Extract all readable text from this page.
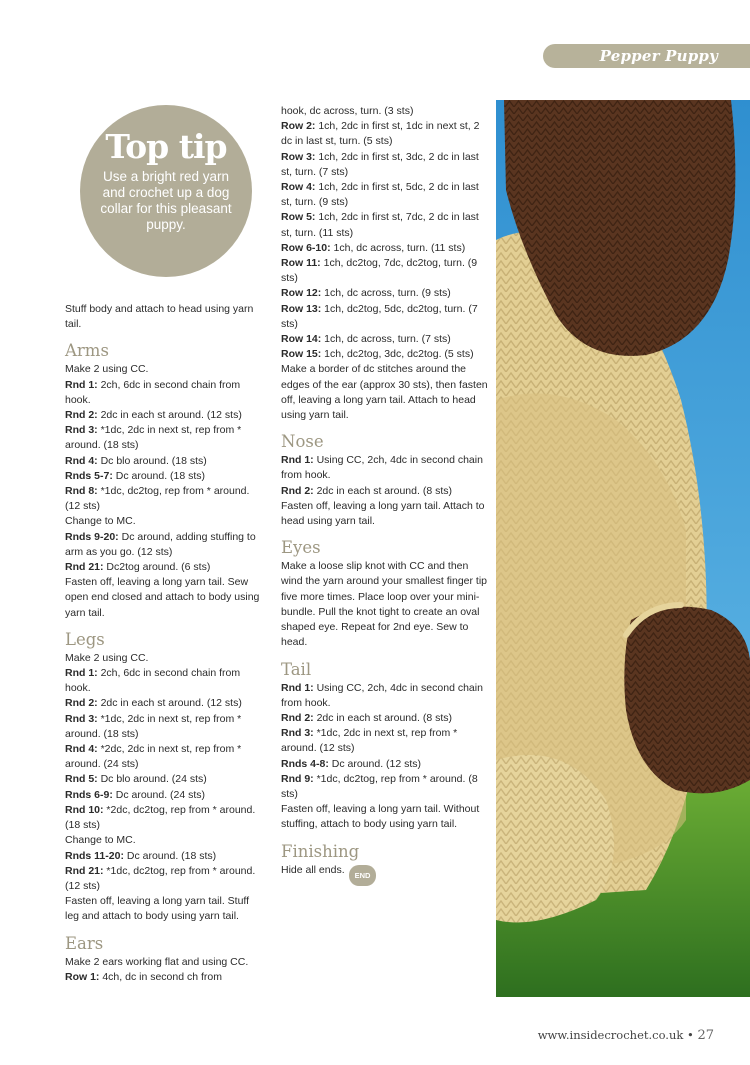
Pepper Puppy
Top tip
Use a bright red yarn and crochet up a dog collar for this pleasant puppy.

Stuff body and attach to head using yarn tail.

Arms

Make 2 using CC.

Rnd 1: 2ch, 6dc in second chain from hook.

Rnd 2: 2dc in each st around. (12 sts)

Rnd 3: *1dc, 2dc in next st, rep from * around. (18 sts)

Rnd 4: Dc blo around. (18 sts)

Rnds 5-7: Dc around. (18 sts)

Rnd 8: *1dc, dc2tog, rep from * around. (12 sts)

Change to MC.

Rnds 9-20: Dc around, adding stuffing to arm as you go. (12 sts)

Rnd 21: Dc2tog around. (6 sts)

Fasten off, leaving a long yarn tail. Sew open end closed and attach to body using yarn tail.

Legs

Make 2 using CC.

Rnd 1: 2ch, 6dc in second chain from hook.

Rnd 2: 2dc in each st around. (12 sts)

Rnd 3: *1dc, 2dc in next st, rep from * around. (18 sts)

Rnd 4: *2dc, 2dc in next st, rep from * around. (24 sts)

Rnd 5: Dc blo around. (24 sts)

Rnds 6-9: Dc around. (24 sts)

Rnd 10: *2dc, dc2tog, rep from * around. (18 sts)

Change to MC.

Rnds 11-20: Dc around. (18 sts)

Rnd 21: *1dc, dc2tog, rep from * around. (12 sts)

Fasten off, leaving a long yarn tail. Stuff leg and attach to body using yarn tail.

Ears

Make 2 ears working flat and using CC.

Row 1: 4ch, dc in second ch from

hook, dc across, turn. (3 sts)

Row 2: 1ch, 2dc in first st, 1dc in next st, 2 dc in last st, turn. (5 sts)

Row 3: 1ch, 2dc in first st, 3dc, 2 dc in last st, turn. (7 sts)

Row 4: 1ch, 2dc in first st, 5dc, 2 dc in last st, turn. (9 sts)

Row 5: 1ch, 2dc in first st, 7dc, 2 dc in last st, turn. (11 sts)

Row 6-10: 1ch, dc across, turn. (11 sts)

Row 11: 1ch, dc2tog, 7dc, dc2tog, turn. (9 sts)

Row 12: 1ch, dc across, turn. (9 sts)

Row 13: 1ch, dc2tog, 5dc, dc2tog, turn. (7 sts)

Row 14: 1ch, dc across, turn. (7 sts)

Row 15: 1ch, dc2tog, 3dc, dc2tog. (5 sts)

Make a border of dc stitches around the edges of the ear (approx 30 sts), then fasten off, leaving a long yarn tail. Attach to head using yarn tail.

Nose

Rnd 1: Using CC, 2ch, 4dc in second chain from hook.

Rnd 2: 2dc in each st around. (8 sts)

Fasten off, leaving a long yarn tail. Attach to head using yarn tail.

Eyes

Make a loose slip knot with CC and then wind the yarn around your smallest finger tip five more times. Place loop over your mini-bundle. Pull the knot tight to create an oval shaped eye. Repeat for 2nd eye. Sew to head.

Tail

Rnd 1: Using CC, 2ch, 4dc in second chain from hook.

Rnd 2: 2dc in each st around. (8 sts)

Rnd 3: *1dc, 2dc in next st, rep from * around. (12 sts)

Rnds 4-8: Dc around. (12 sts)

Rnd 9: *1dc, dc2tog, rep from * around. (8 sts)

Fasten off, leaving a long yarn tail. Without stuffing, attach to body using yarn tail.

Finishing

Hide all ends. END

www.insidecrochet.co.uk • 27
